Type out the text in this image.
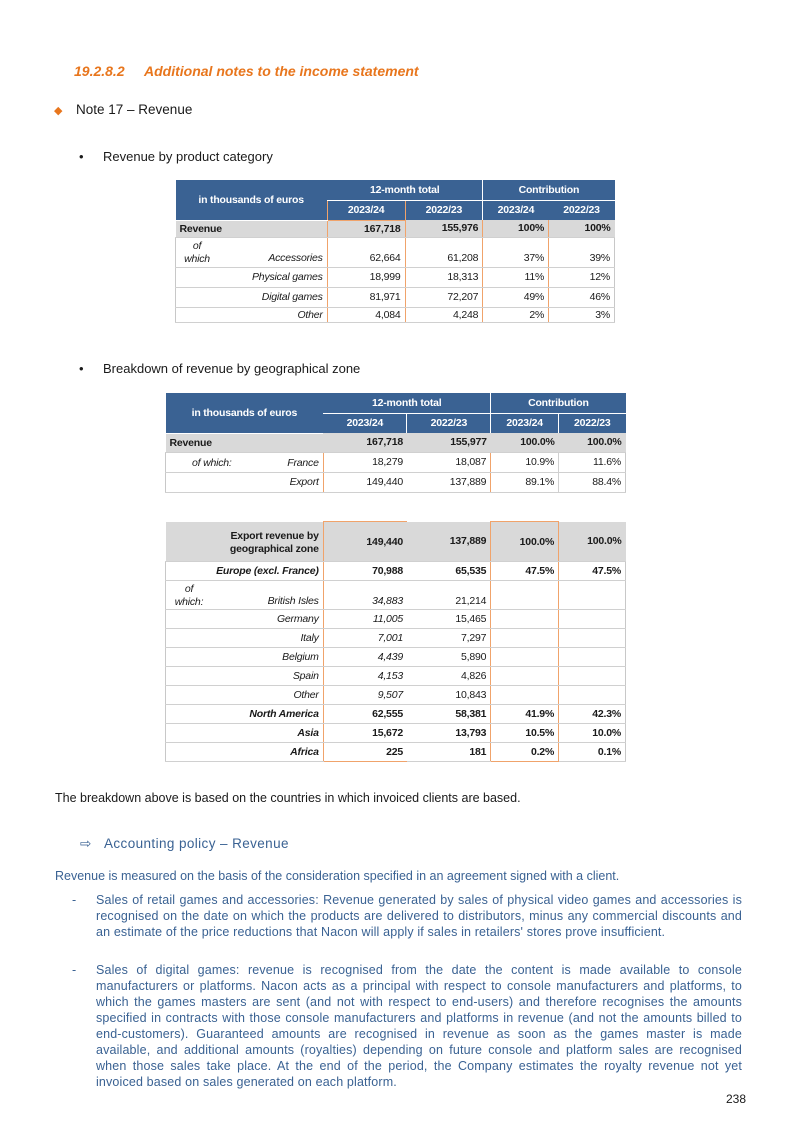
19.2.8.2 Additional notes to the income statement
◆ Note 17 – Revenue
• Revenue by product category
in thousands of euros	12-month total		Contribution	
	2023/24	2022/23	2023/24	2022/23
Revenue	167,718	155,976	100%	100%

of which Accessories	62,664	61,208	37%	39%
Physical games	18,999	18,313	11%	12%
Digital games	81,971	72,207	49%	46%
Other	4,084	4,248	2%	3%
• Breakdown of revenue by geographical zone
in thousands of euros	12-month total		Contribution	
	2023/24	2022/23	2023/24	2022/23
Revenue	167,718	155,977	100.0%	100.0%

of which: France	18,279	18,087	10.9%	11.6%
Export	149,440	137,889	89.1%	88.4%
Export revenue by geographical zone	149,440	137,889	100.0%	100.0%
Europe (excl. France)	70,988	65,535	47.5%	47.5%

of which: British Isles	34,883	21,214		
Germany	11,005	15,465		
Italy	7,001	7,297		
Belgium	4,439	5,890		
Spain	4,153	4,826		
Other	9,507	10,843		
North America	62,555	58,381	41.9%	42.3%
Asia	15,672	13,793	10.5%	10.0%
Africa	225	181	0.2%	0.1%
The breakdown above is based on the countries in which invoiced clients are based.
⇨ Accounting policy – Revenue
Revenue is measured on the basis of the consideration specified in an agreement signed with a client.
- Sales of retail games and accessories: Revenue generated by sales of physical video games and accessories is recognised on the date on which the products are delivered to distributors, minus any commercial discounts and an estimate of the price reductions that Nacon will apply if sales in retailers' stores prove insufficient.
- Sales of digital games: revenue is recognised from the date the content is made available to console manufacturers or platforms. Nacon acts as a principal with respect to console manufacturers and platforms, to which the games masters are sent (and not with respect to end-users) and therefore recognises the amounts specified in contracts with those console manufacturers and platforms in revenue (and not the amounts billed to end-customers). Guaranteed amounts are recognised in revenue as soon as the games master is made available, and additional amounts (royalties) depending on future console and platform sales are recognised when those sales take place. At the end of the period, the Company estimates the royalty revenue not yet invoiced based on sales generated on each platform.
238
